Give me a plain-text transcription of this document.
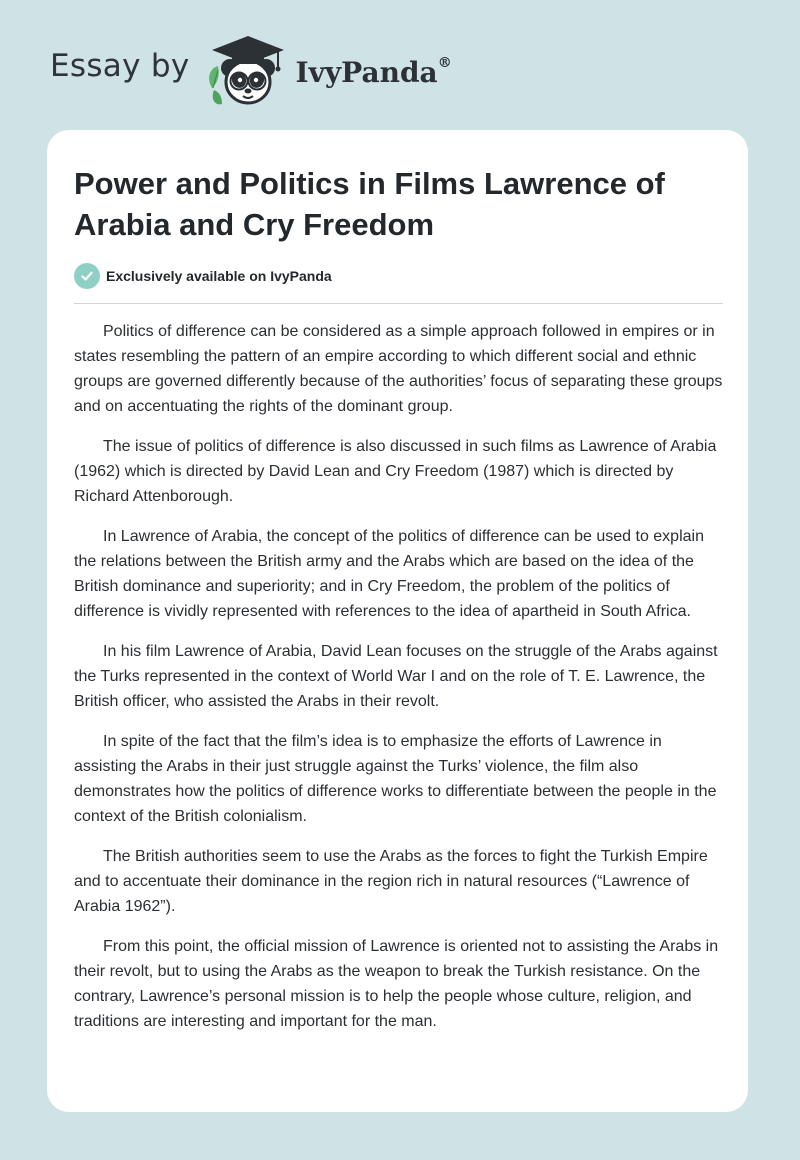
Essay by	IvyPanda®
Power and Politics in Films Lawrence of Arabia and Cry Freedom
Exclusively available on IvyPanda

Politics of difference can be considered as a simple approach followed in empires or in states resembling the pattern of an empire according to which different social and ethnic groups are governed differently because of the authorities’ focus of separating these groups and on accentuating the rights of the dominant group.

The issue of politics of difference is also discussed in such films as Lawrence of Arabia (1962) which is directed by David Lean and Cry Freedom (1987) which is directed by Richard Attenborough.

In Lawrence of Arabia, the concept of the politics of difference can be used to explain the relations between the British army and the Arabs which are based on the idea of the British dominance and superiority; and in Cry Freedom, the problem of the politics of difference is vividly represented with references to the idea of apartheid in South Africa.

In his film Lawrence of Arabia, David Lean focuses on the struggle of the Arabs against the Turks represented in the context of World War I and on the role of T. E. Lawrence, the British officer, who assisted the Arabs in their revolt.

In spite of the fact that the film’s idea is to emphasize the efforts of Lawrence in assisting the Arabs in their just struggle against the Turks’ violence, the film also demonstrates how the politics of difference works to differentiate between the people in the context of the British colonialism.

The British authorities seem to use the Arabs as the forces to fight the Turkish Empire and to accentuate their dominance in the region rich in natural resources (“Lawrence of Arabia 1962”).

From this point, the official mission of Lawrence is oriented not to assisting the Arabs in their revolt, but to using the Arabs as the weapon to break the Turkish resistance. On the contrary, Lawrence’s personal mission is to help the people whose culture, religion, and traditions are interesting and important for the man.
